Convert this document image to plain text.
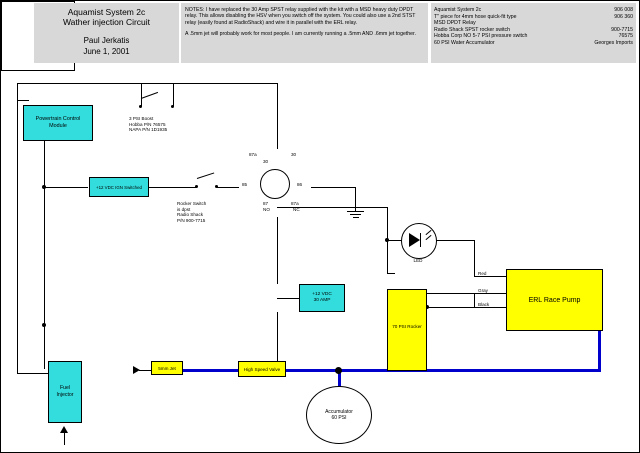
Aquamist System 2c
Wather injection Circuit
Paul Jerkatis
June 1, 2001

NOTES: I have replaced the 30 Amp SPST relay supplied with the kit with a MSD heavy duty DPDT relay. This allows disabling the HSV when you switch off the system. You could also use a 2nd STST relay (easily found at RadioShack) and wire it in parallel with the ERL relay.

A .5mm jet will probably work for most people. I am currently running a .5mm AND .6mm jet together.

Aquamist System 2c	906 008
T" piece for 4mm hose quick-fit type	906 360
MSD DPDT Relay
Radio Shack SPST rocker switch	900-7715
Hobba Corp NO 5-7 PSI pressure switch	76575
60 PSI Water Accumulator	Georges Imports
Powertrain Control Module
+12 VDC IGN Switched
+12 VDC
30 AMP
Fuel
Injector
ERL Race Pump
High Speed Valve
5mm Jet
70 PSI Rocker
87a
30
30
85	86
87
NO
87a
NC
LED
Accumulator
60 PSI
3 PSI Boost
Hobba P/N 76575
NAPA P/N 1D1935
Rocker Switch
is dpst
Radio Shack
P/N 900-7715
Red
Gray
Black
